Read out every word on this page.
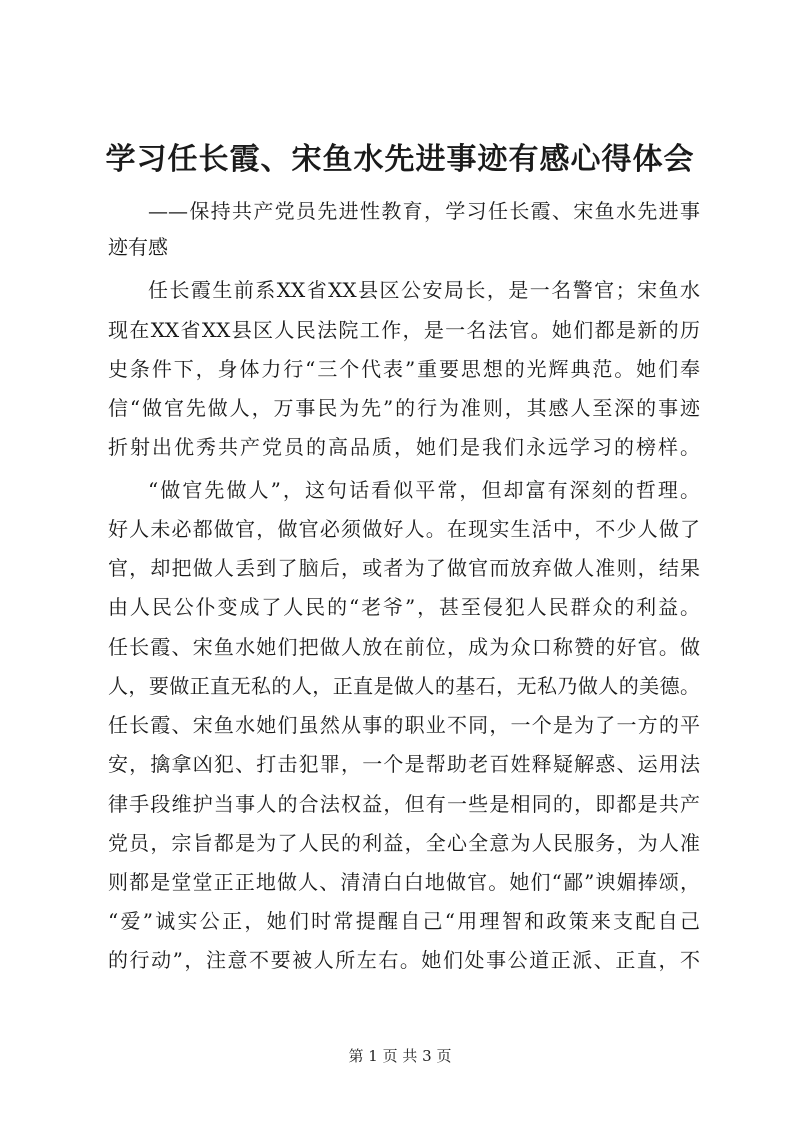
学习任长霞、宋鱼水先进事迹有感心得体会
——保持共产党员先进性教育，学习任长霞、宋鱼水先进事
迹有感
任长霞生前系XX省XX县区公安局长，是一名警官；宋鱼水
现在XX省XX县区人民法院工作，是一名法官。她们都是新的历
史条件下，身体力行“三个代表”重要思想的光辉典范。她们奉
信“做官先做人，万事民为先”的行为准则，其感人至深的事迹
折射出优秀共产党员的高品质，她们是我们永远学习的榜样。
“做官先做人”，这句话看似平常，但却富有深刻的哲理。
好人未必都做官，做官必须做好人。在现实生活中，不少人做了
官，却把做人丢到了脑后，或者为了做官而放弃做人准则，结果
由人民公仆变成了人民的“老爷”，甚至侵犯人民群众的利益。
任长霞、宋鱼水她们把做人放在前位，成为众口称赞的好官。做
人，要做正直无私的人，正直是做人的基石，无私乃做人的美德。
任长霞、宋鱼水她们虽然从事的职业不同，一个是为了一方的平
安，擒拿凶犯、打击犯罪，一个是帮助老百姓释疑解惑、运用法
律手段维护当事人的合法权益，但有一些是相同的，即都是共产
党员，宗旨都是为了人民的利益，全心全意为人民服务，为人准
则都是堂堂正正地做人、清清白白地做官。她们“鄙”谀媚捧颂，
“爱”诚实公正，她们时常提醒自己“用理智和政策来支配自己
的行动”，注意不要被人所左右。她们处事公道正派、正直，不
第 1 页 共 3 页
